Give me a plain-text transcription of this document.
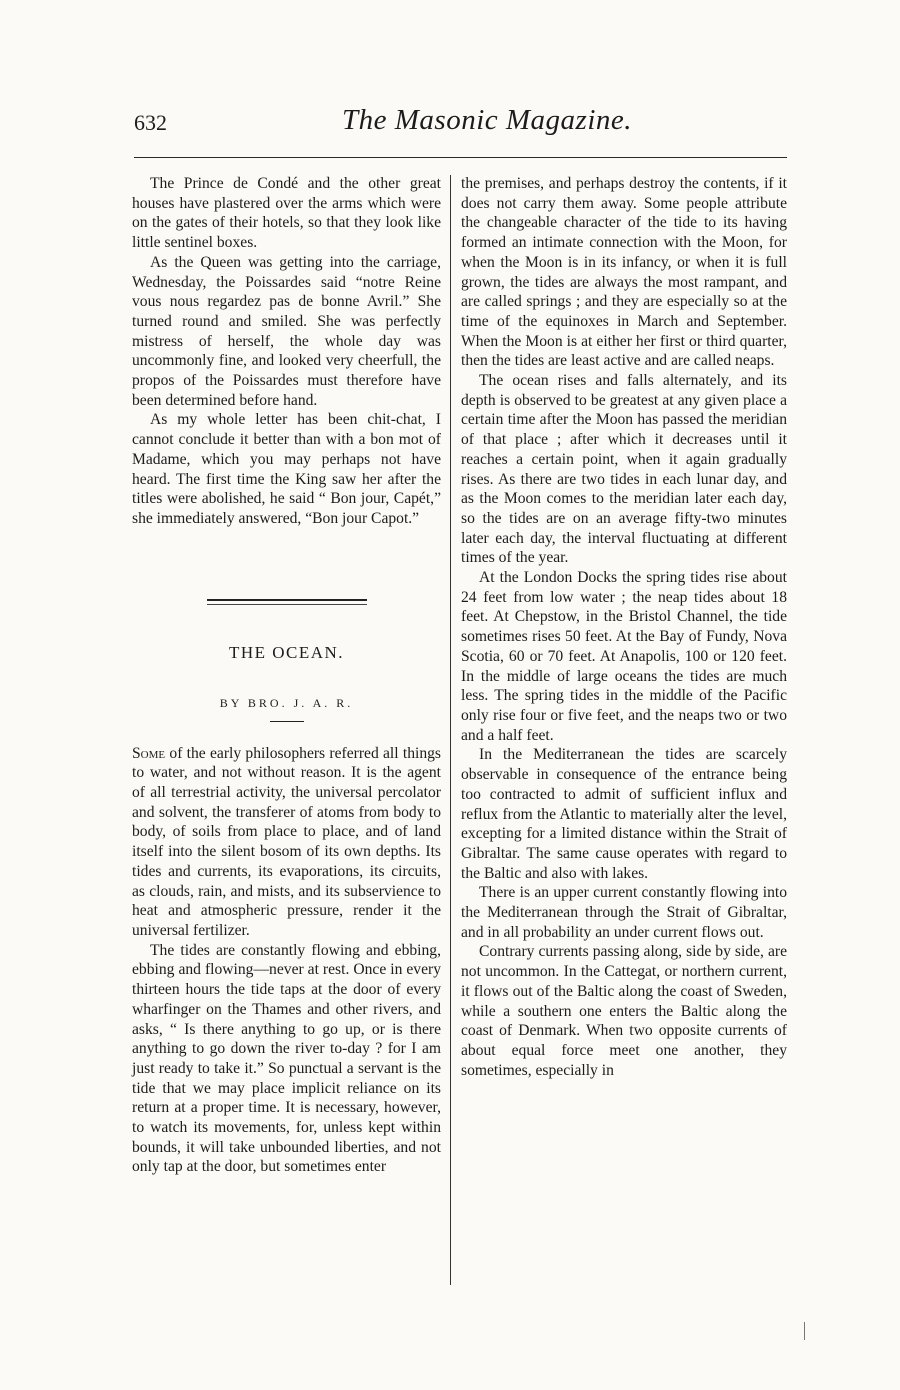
632	The Masonic Magazine.

The Prince de Condé and the other great houses have plastered over the arms which were on the gates of their hotels, so that they look like little sentinel boxes.

As the Queen was getting into the carriage, Wednesday, the Poissardes said “notre Reine vous nous regardez pas de bonne Avril.” She turned round and smiled. She was perfectly mistress of herself, the whole day was uncommonly fine, and looked very cheerfull, the propos of the Poissardes must therefore have been determined before hand.

As my whole letter has been chit-chat, I cannot conclude it better than with a bon mot of Madame, which you may perhaps not have heard. The first time the King saw her after the titles were abolished, he said “ Bon jour, Capét,” she immediately answered, “Bon jour Capot.”

THE OCEAN.
BY BRO. J. A. R.

Some of the early philosophers referred all things to water, and not without reason. It is the agent of all terrestrial activity, the universal percolator and solvent, the transferer of atoms from body to body, of soils from place to place, and of land itself into the silent bosom of its own depths. Its tides and currents, its evaporations, its circuits, as clouds, rain, and mists, and its subservience to heat and atmospheric pressure, render it the universal fertilizer.

The tides are constantly flowing and ebbing, ebbing and flowing—never at rest. Once in every thirteen hours the tide taps at the door of every wharfinger on the Thames and other rivers, and asks, “ Is there anything to go up, or is there anything to go down the river to-day ? for I am just ready to take it.” So punctual a servant is the tide that we may place implicit reliance on its return at a proper time. It is necessary, however, to watch its movements, for, unless kept within bounds, it will take unbounded liberties, and not only tap at the door, but sometimes enter

the premises, and perhaps destroy the contents, if it does not carry them away. Some people attribute the changeable character of the tide to its having formed an intimate connection with the Moon, for when the Moon is in its infancy, or when it is full grown, the tides are always the most rampant, and are called springs ; and they are especially so at the time of the equinoxes in March and September. When the Moon is at either her first or third quarter, then the tides are least active and are called neaps.

The ocean rises and falls alternately, and its depth is observed to be greatest at any given place a certain time after the Moon has passed the meridian of that place ; after which it decreases until it reaches a certain point, when it again gradually rises. As there are two tides in each lunar day, and as the Moon comes to the meridian later each day, so the tides are on an average fifty-two minutes later each day, the interval fluctuating at different times of the year.

At the London Docks the spring tides rise about 24 feet from low water ; the neap tides about 18 feet. At Chepstow, in the Bristol Channel, the tide sometimes rises 50 feet. At the Bay of Fundy, Nova Scotia, 60 or 70 feet. At Anapolis, 100 or 120 feet. In the middle of large oceans the tides are much less. The spring tides in the middle of the Pacific only rise four or five feet, and the neaps two or two and a half feet.

In the Mediterranean the tides are scarcely observable in consequence of the entrance being too contracted to admit of sufficient influx and reflux from the Atlantic to materially alter the level, excepting for a limited distance within the Strait of Gibraltar. The same cause operates with regard to the Baltic and also with lakes.

There is an upper current constantly flowing into the Mediterranean through the Strait of Gibraltar, and in all probability an under current flows out.

Contrary currents passing along, side by side, are not uncommon. In the Cattegat, or northern current, it flows out of the Baltic along the coast of Sweden, while a southern one enters the Baltic along the coast of Denmark. When two opposite currents of about equal force meet one another, they sometimes, especially in
